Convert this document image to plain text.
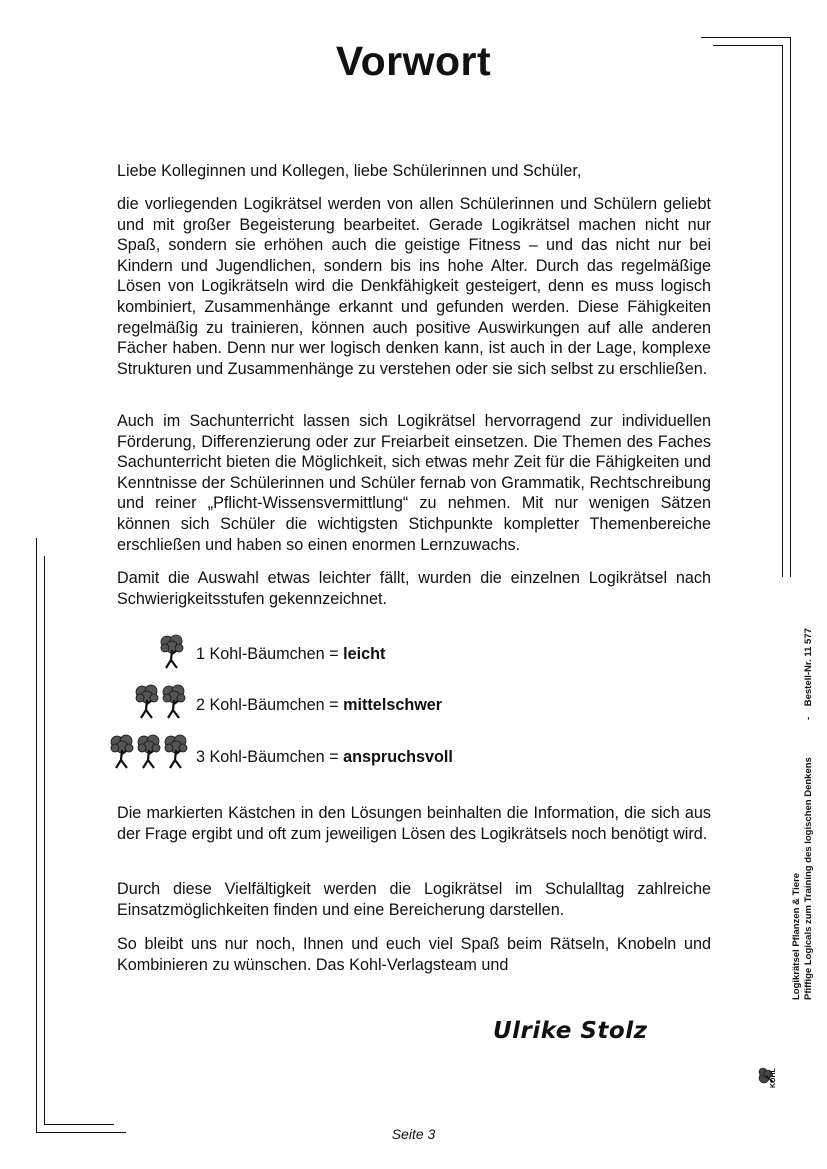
Vorwort

Liebe Kolleginnen und Kollegen, liebe Schülerinnen und Schüler,

die vorliegenden Logikrätsel werden von allen Schülerinnen und Schülern geliebt und mit großer Begeisterung bearbeitet. Gerade Logikrätsel machen nicht nur Spaß, sondern sie erhöhen auch die geistige Fitness – und das nicht nur bei Kindern und Jugendlichen, sondern bis ins hohe Alter. Durch das regelmäßige Lösen von Logikrätseln wird die Denkfähigkeit gesteigert, denn es muss logisch kombiniert, Zusammenhänge erkannt und gefunden werden. Diese Fähigkeiten regelmäßig zu trainieren, können auch positive Auswirkungen auf alle anderen Fächer haben. Denn nur wer logisch denken kann, ist auch in der Lage, komplexe Strukturen und Zusammenhänge zu verstehen oder sie sich selbst zu erschließen.

Auch im Sachunterricht lassen sich Logikrätsel hervorragend zur individuellen Förderung, Differenzierung oder zur Freiarbeit einsetzen. Die Themen des Faches Sachunterricht bieten die Möglichkeit, sich etwas mehr Zeit für die Fähigkeiten und Kenntnisse der Schülerinnen und Schüler fernab von Grammatik, Rechtschreibung und reiner „Pflicht-Wissensvermittlung“ zu nehmen. Mit nur wenigen Sätzen können sich Schüler die wichtigsten Stichpunkte kompletter Themenbereiche erschließen und haben so einen enormen Lernzuwachs.

Damit die Auswahl etwas leichter fällt, wurden die einzelnen Logikrätsel nach Schwierigkeitsstufen gekennzeichnet.

1 Kohl-Bäumchen = leicht
2 Kohl-Bäumchen = mittelschwer
3 Kohl-Bäumchen = anspruchsvoll

Die markierten Kästchen in den Lösungen beinhalten die Information, die sich aus der Frage ergibt und oft zum jeweiligen Lösen des Logikrätsels noch benötigt wird.

Durch diese Vielfältigkeit werden die Logikrätsel im Schulalltag zahlreiche Einsatzmöglichkeiten finden und eine Bereicherung darstellen.

So bleibt uns nur noch, Ihnen und euch viel Spaß beim Rätseln, Knobeln und Kombinieren zu wünschen. Das Kohl-Verlagsteam und

Ulrike Stolz
Seite 3
Logikrätsel Pflanzen & Tiere Pfiffige Logicals zum Training des logischen Denkens
-    Bestell-Nr. 11 577
KOHL
